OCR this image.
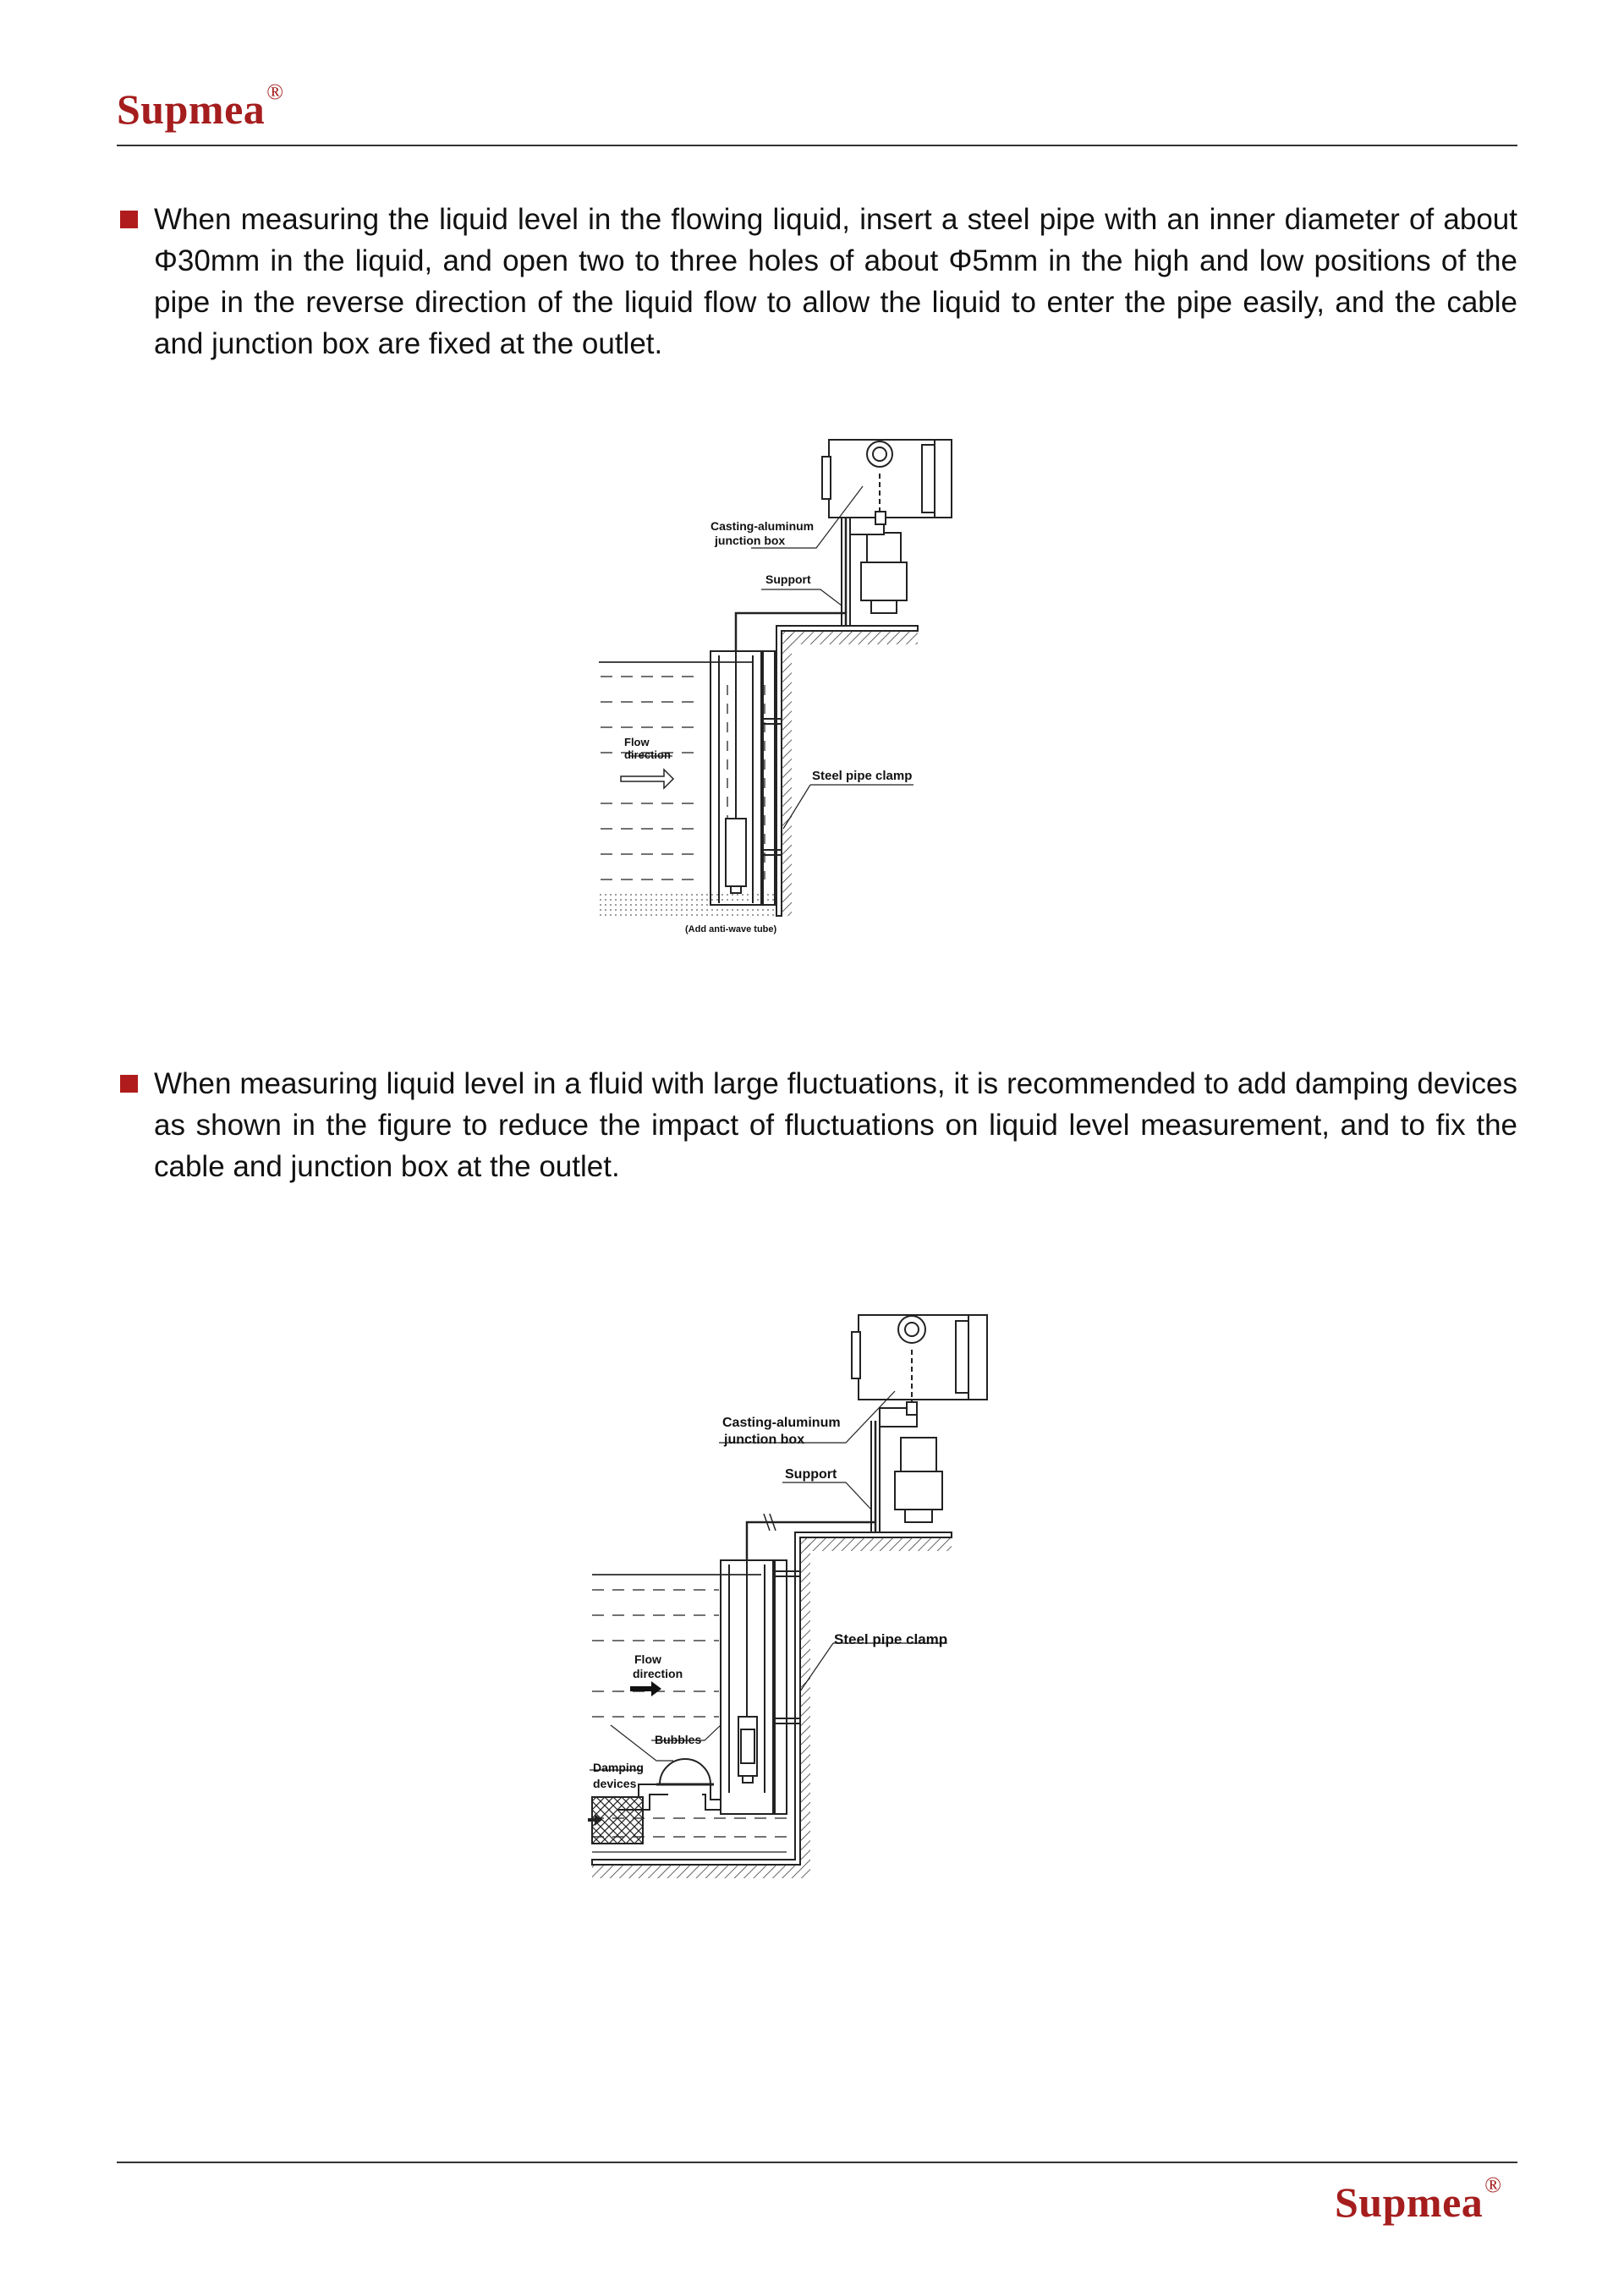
Supmea®
When measuring the liquid level in the flowing liquid, insert a steel pipe with an inner diameter of about Φ30mm in the liquid, and open two to three holes of about Φ5mm in the high and low positions of the pipe in the reverse direction of the liquid flow to allow the liquid to enter the pipe easily, and the cable and junction box are fixed at the outlet.
When measuring liquid level in a fluid with large fluctuations, it is recommended to add damping devices as shown in the figure to reduce the impact of fluctuations on liquid level measurement, and to fix the cable and junction box at the outlet.
Casting-aluminum
junction box
Support
Flow
direction
Steel pipe clamp
(Add anti-wave tube)
Casting-aluminum
junction box
Support
Flow
direction
Steel pipe clamp
Bubbles
Damping
devices
Supmea®
